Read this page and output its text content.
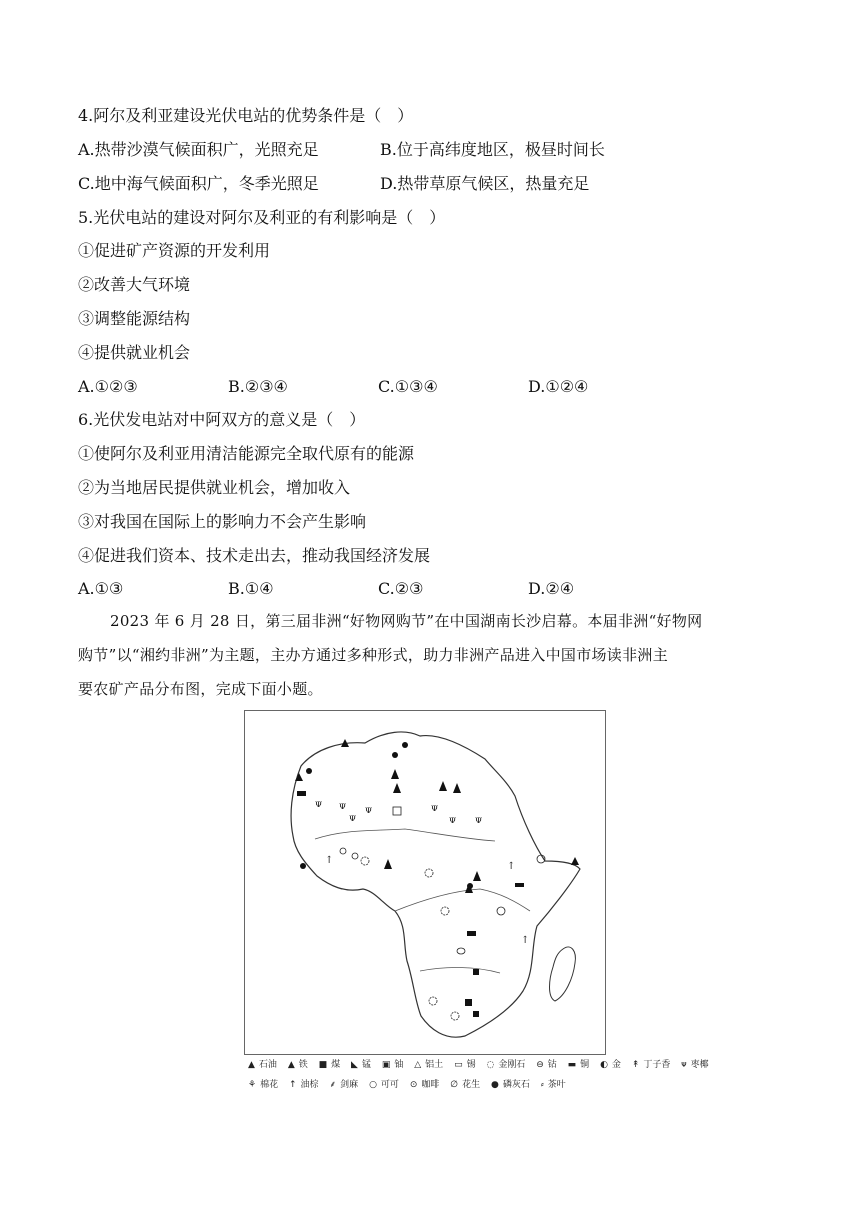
4.阿尔及利亚建设光伏电站的优势条件是（　）
A.热带沙漠气候面积广，光照充足	B.位于高纬度地区，极昼时间长
C.地中海气候面积广，冬季光照足	D.热带草原气候区，热量充足
5.光伏电站的建设对阿尔及利亚的有利影响是（　）
①促进矿产资源的开发利用
②改善大气环境
③调整能源结构
④提供就业机会
A.①②③	B.②③④	C.①③④	D.①②④
6.光伏发电站对中阿双方的意义是（　）
①使阿尔及利亚用清洁能源完全取代原有的能源
②为当地居民提供就业机会，增加收入
③对我国在国际上的影响力不会产生影响
④促进我们资本、技术走出去，推动我国经济发展
A.①③	B.①④	C.②③	D.②④
2023 年 6 月 28 日，第三届非洲“好物网购节”在中国湖南长沙启幕。本届非洲“好物网
购节”以“湘约非洲”为主题，主办方通过多种形式，助力非洲产品进入中国市场读非洲主
要农矿产品分布图，完成下面小题。
ᴪ ᴪ
ᴪ
ᴪ	ᴪ
ᴪ ᴪ
↑
↑
↑
▲ 石油 ▲ 铁 ■ 煤 ◣ 锰 ▣ 铀 △ 铝土 ▭ 锡 ◌ 金刚石 ⊖ 钴 ▬ 铜 ◐ 金 ↟ 丁子香 ᴪ 枣椰
⚘ 棉花 ↑ 油棕 ⸙ 剑麻 ○ 可可 ⊙ 咖啡 ∅ 花生 ● 磷灰石 ⸗ 茶叶
